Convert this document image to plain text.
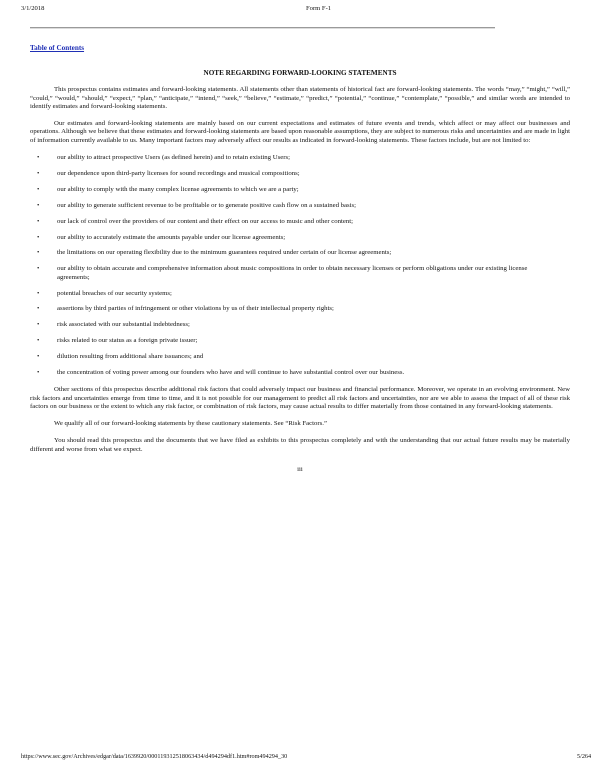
3/1/2018	Form F-1
Table of Contents
NOTE REGARDING FORWARD-LOOKING STATEMENTS

This prospectus contains estimates and forward-looking statements. All statements other than statements of historical fact are forward-looking statements. The words “may,” “might,” “will,” “could,” “would,” “should,” “expect,” “plan,” “anticipate,” “intend,” “seek,” “believe,” “estimate,” “predict,” “potential,” “continue,” “contemplate,” “possible,” and similar words are intended to identify estimates and forward-looking statements.

Our estimates and forward-looking statements are mainly based on our current expectations and estimates of future events and trends, which affect or may affect our businesses and operations. Although we believe that these estimates and forward-looking statements are based upon reasonable assumptions, they are subject to numerous risks and uncertainties and are made in light of information currently available to us. Many important factors may adversely affect our results as indicated in forward-looking statements. These factors include, but are not limited to:

•	our ability to attract prospective Users (as defined herein) and to retain existing Users;
•	our dependence upon third-party licenses for sound recordings and musical compositions;
•	our ability to comply with the many complex license agreements to which we are a party;
•	our ability to generate sufficient revenue to be profitable or to generate positive cash flow on a sustained basis;
•	our lack of control over the providers of our content and their effect on our access to music and other content;
•	our ability to accurately estimate the amounts payable under our license agreements;
•	the limitations on our operating flexibility due to the minimum guarantees required under certain of our license agreements;
•	our ability to obtain accurate and comprehensive information about music compositions in order to obtain necessary licenses or perform obligations under our existing license agreements;
•	potential breaches of our security systems;
•	assertions by third parties of infringement or other violations by us of their intellectual property rights;
•	risk associated with our substantial indebtedness;
•	risks related to our status as a foreign private issuer;
•	dilution resulting from additional share issuances; and
•	the concentration of voting power among our founders who have and will continue to have substantial control over our business.

Other sections of this prospectus describe additional risk factors that could adversely impact our business and financial performance. Moreover, we operate in an evolving environment. New risk factors and uncertainties emerge from time to time, and it is not possible for our management to predict all risk factors and uncertainties, nor are we able to assess the impact of all of these risk factors on our business or the extent to which any risk factor, or combination of risk factors, may cause actual results to differ materially from those contained in any forward-looking statements.

We qualify all of our forward-looking statements by these cautionary statements. See “Risk Factors.”

You should read this prospectus and the documents that we have filed as exhibits to this prospectus completely and with the understanding that our actual future results may be materially different and worse from what we expect.

iii
https://www.sec.gov/Archives/edgar/data/1639920/000119312518063434/d494294df1.htm#rom494294_30	5/264
